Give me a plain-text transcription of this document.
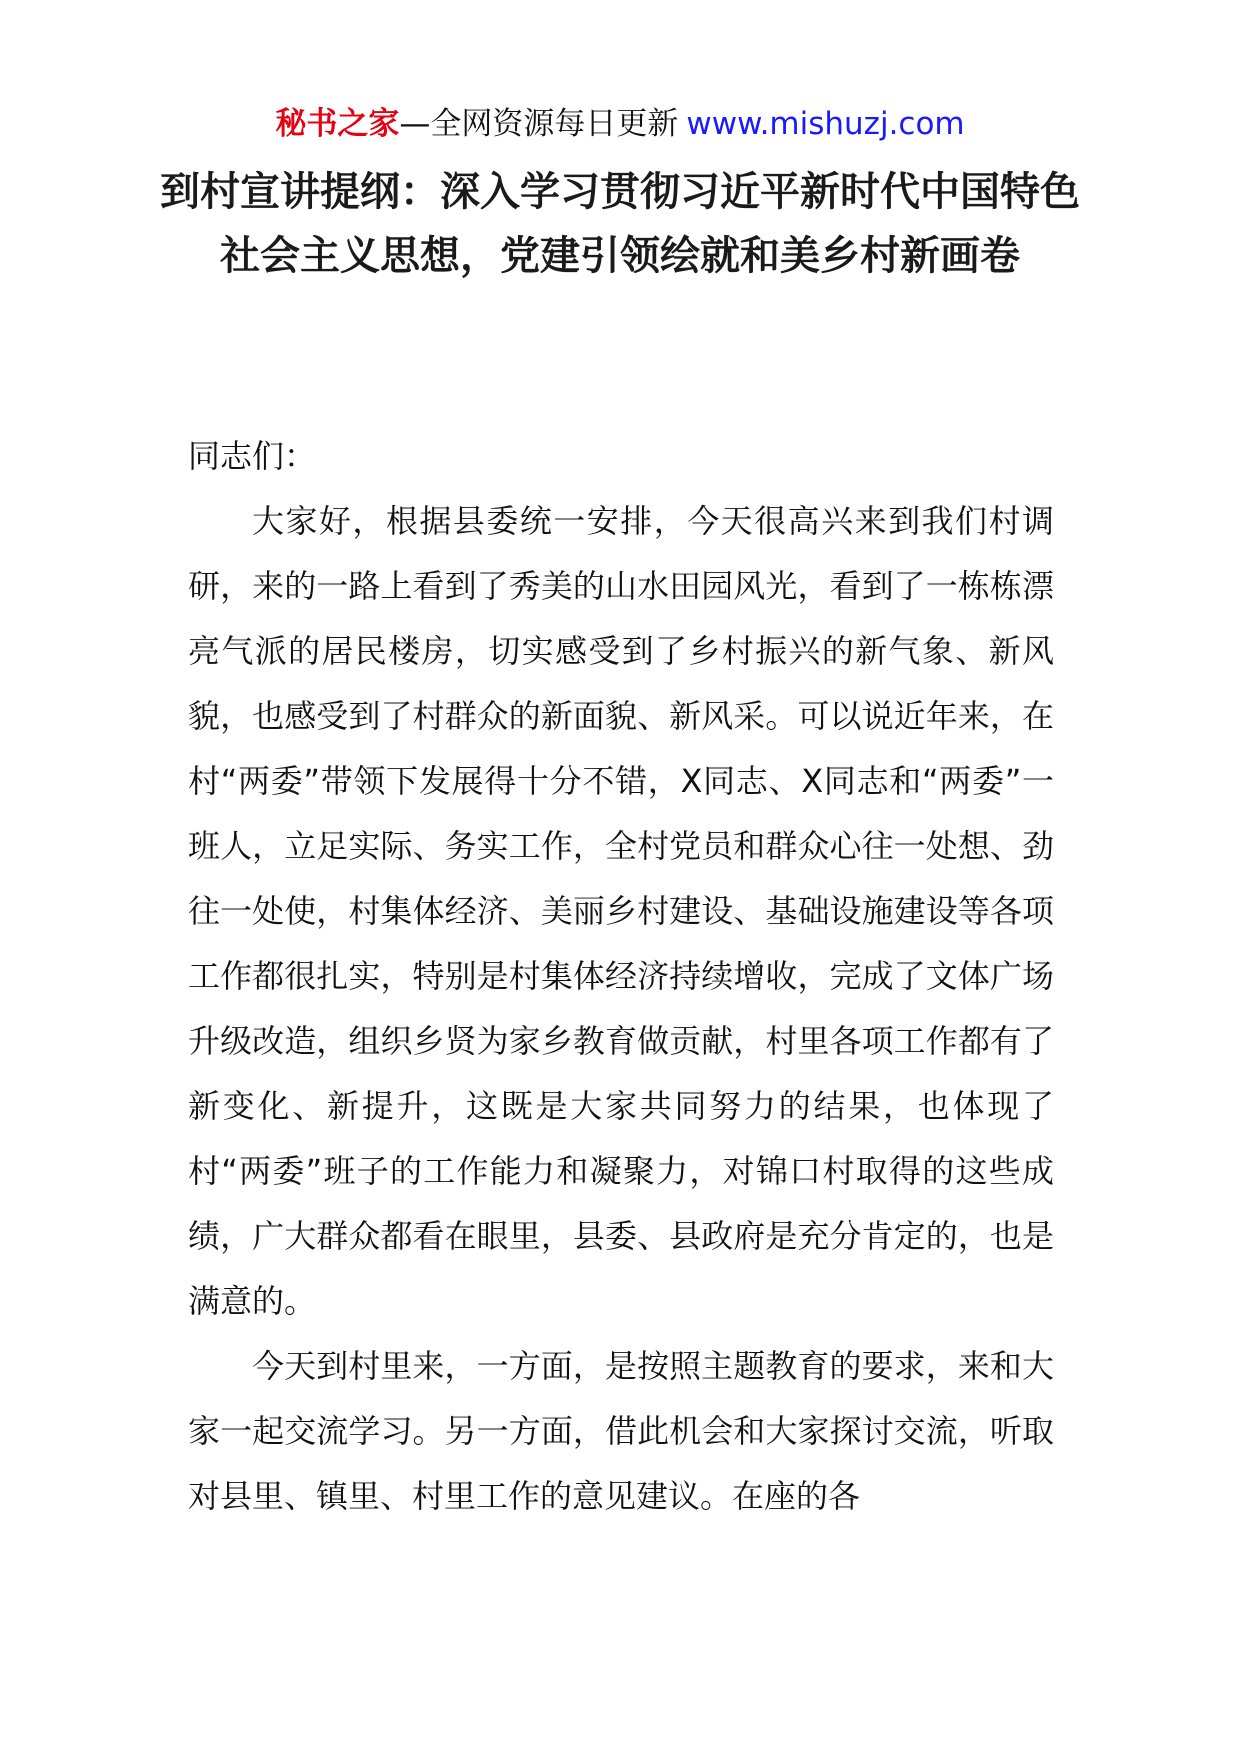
秘书之家—全网资源每日更新 www.mishuzj.com
到村宣讲提纲：深入学习贯彻习近平新时代中国特色社会主义思想，党建引领绘就和美乡村新画卷

同志们：

大家好，根据县委统一安排，今天很高兴来到我们村调研，来的一路上看到了秀美的山水田园风光，看到了一栋栋漂亮气派的居民楼房，切实感受到了乡村振兴的新气象、新风貌，也感受到了村群众的新面貌、新风采。可以说近年来，在村“两委”带领下发展得十分不错，X同志、X同志和“两委”一班人，立足实际、务实工作，全村党员和群众心往一处想、劲往一处使，村集体经济、美丽乡村建设、基础设施建设等各项工作都很扎实，特别是村集体经济持续增收，完成了文体广场升级改造，组织乡贤为家乡教育做贡献，村里各项工作都有了新变化、新提升，这既是大家共同努力的结果，也体现了村“两委”班子的工作能力和凝聚力，对锦口村取得的这些成绩，广大群众都看在眼里，县委、县政府是充分肯定的，也是满意的。

今天到村里来，一方面，是按照主题教育的要求，来和大家一起交流学习。另一方面，借此机会和大家探讨交流，听取对县里、镇里、村里工作的意见建议。在座的各
